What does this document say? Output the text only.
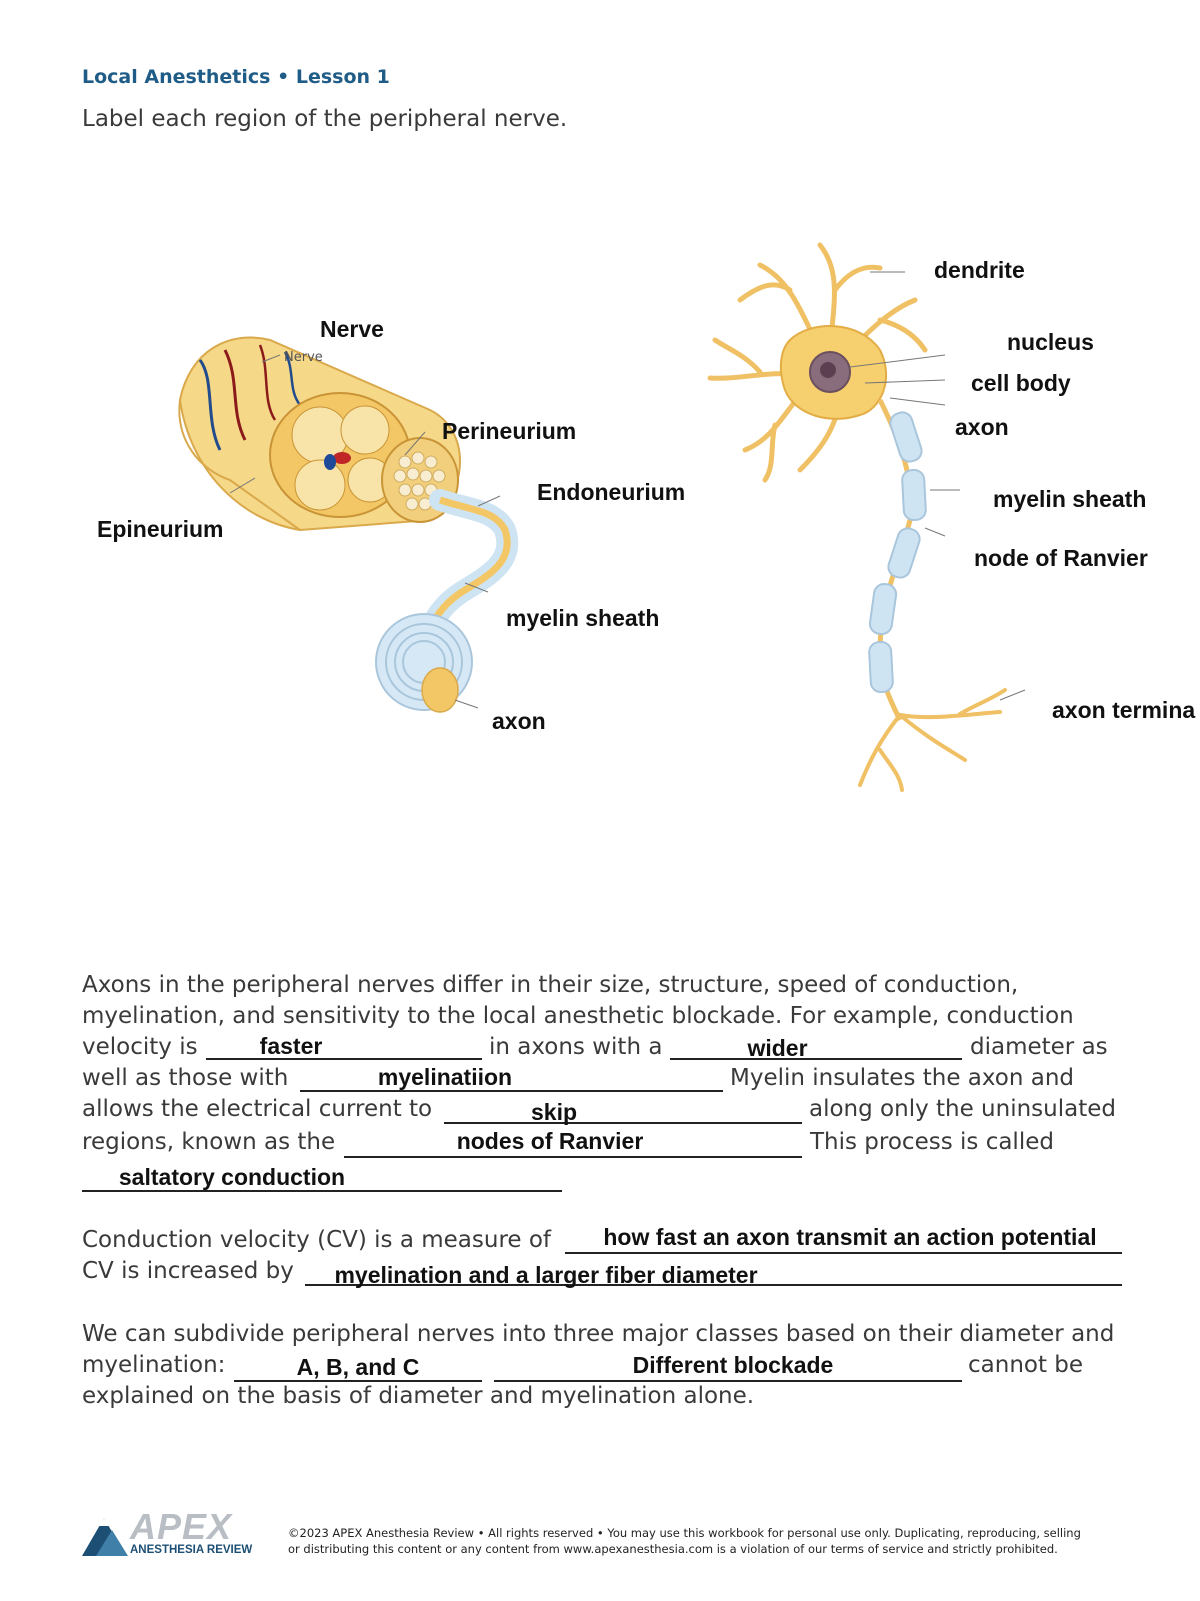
Local Anesthetics • Lesson 1
Label each region of the peripheral nerve.
Nerve
Nerve
Perineurium
Endoneurium
Epineurium
myelin sheath
axon
dendrite
nucleus
cell body
axon
myelin sheath
node of Ranvier
axon termina
Axons in the peripheral nerves differ in their size, structure, speed of conduction,
myelination, and sensitivity to the local anesthetic blockade. For example, conduction
velocity is	faster	in axons with a	wider	diameter as
well as those with	myelinatiion	Myelin insulates the axon and
allows the electrical current to	skip	along only the uninsulated
regions, known as the	nodes of Ranvier	This process is called
saltatory conduction
Conduction velocity (CV) is a measure of	how fast an axon transmit an action potential
CV is increased by	myelination and a larger fiber diameter
We can subdivide peripheral nerves into three major classes based on their diameter and
myelination:	A, B, and C	Different blockade	cannot be
explained on the basis of diameter and myelination alone.
APEX
ANESTHESIA REVIEW
©2023 APEX Anesthesia Review • All rights reserved • You may use this workbook for personal use only. Duplicating, reproducing, selling
or distributing this content or any content from www.apexanesthesia.com is a violation of our terms of service and strictly prohibited.
